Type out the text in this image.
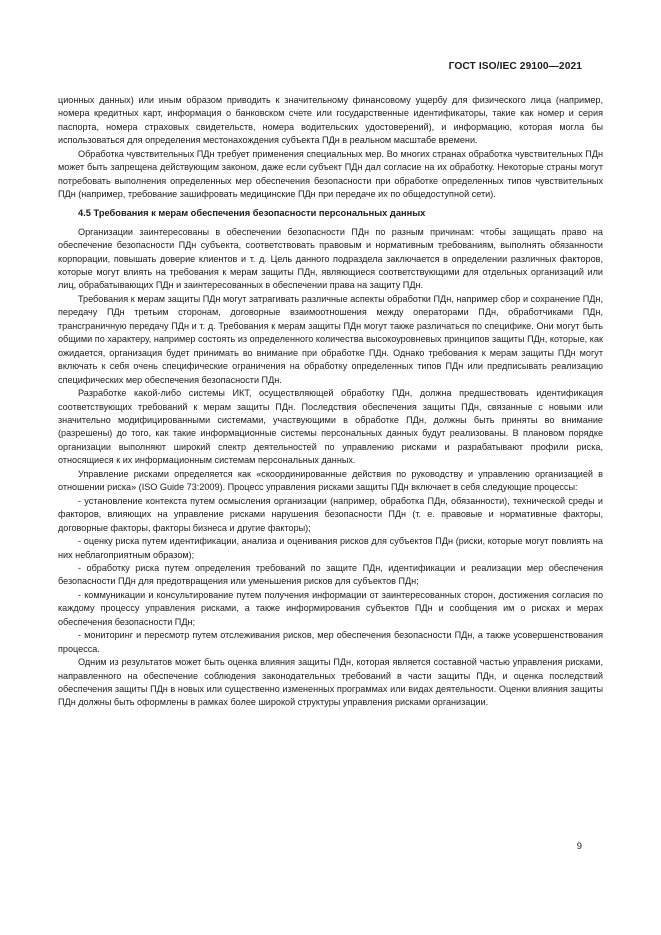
ГОСТ ISO/IEC 29100—2021

ционных данных) или иным образом приводить к значительному финансовому ущербу для физического лица (например, номера кредитных карт, информация о банковском счете или государственные идентификаторы, такие как номер и серия паспорта, номера страховых свидетельств, номера водительских удостоверений), и информацию, которая могла бы использоваться для определения местонахождения субъекта ПДн в реальном масштабе времени.

Обработка чувствительных ПДн требует применения специальных мер. Во многих странах обработка чувствительных ПДн может быть запрещена действующим законом, даже если субъект ПДн дал согласие на их обработку. Некоторые страны могут потребовать выполнения определенных мер обеспечения безопасности при обработке определенных типов чувствительных ПДн (например, требование зашифровать медицинские ПДн при передаче их по общедоступной сети).

4.5 Требования к мерам обеспечения безопасности персональных данных

Организации заинтересованы в обеспечении безопасности ПДн по разным причинам: чтобы защищать право на обеспечение безопасности ПДн субъекта, соответствовать правовым и нормативным требованиям, выполнять обязанности корпорации, повышать доверие клиентов и т. д. Цель данного подраздела заключается в определении различных факторов, которые могут влиять на требования к мерам защиты ПДн, являющиеся соответствующими для отдельных организаций или лиц, обрабатывающих ПДн и заинтересованных в обеспечении права на защиту ПДн.

Требования к мерам защиты ПДн могут затрагивать различные аспекты обработки ПДн, например сбор и сохранение ПДн, передачу ПДн третьим сторонам, договорные взаимоотношения между операторами ПДн, обработчиками ПДн, трансграничную передачу ПДн и т. д. Требования к мерам защиты ПДн могут также различаться по специфике. Они могут быть общими по характеру, например состоять из определенного количества высокоуровневых принципов защиты ПДн, которые, как ожидается, организация будет принимать во внимание при обработке ПДн. Однако требования к мерам защиты ПДн могут включать к себя очень специфические ограничения на обработку определенных типов ПДн или предписывать реализацию специфических мер обеспечения безопасности ПДн.

Разработке какой-либо системы ИКТ, осуществляющей обработку ПДн, должна предшествовать идентификация соответствующих требований к мерам защиты ПДн. Последствия обеспечения защиты ПДн, связанные с новыми или значительно модифицированными системами, участвующими в обработке ПДн, должны быть приняты во внимание (разрешены) до того, как такие информационные системы персональных данных будут реализованы. В плановом порядке организации выполняют широкий спектр деятельностей по управлению рисками и разрабатывают профили риска, относящиеся к их информационным системам персональных данных.

Управление рисками определяется как «скоординированные действия по руководству и управлению организацией в отношении риска» (ISO Guide 73:2009). Процесс управления рисками защиты ПДн включает в себя следующие процессы:

- установление контекста путем осмысления организации (например, обработка ПДн, обязанности), технической среды и факторов, влияющих на управление рисками нарушения безопасности ПДн (т. е. правовые и нормативные факторы, договорные факторы, факторы бизнеса и другие факторы);

- оценку риска путем идентификации, анализа и оценивания рисков для субъектов ПДн (риски, которые могут повлиять на них неблагоприятным образом);

- обработку риска путем определения требований по защите ПДн, идентификации и реализации мер обеспечения безопасности ПДн для предотвращения или уменьшения рисков для субъектов ПДн;

- коммуникации и консультирование путем получения информации от заинтересованных сторон, достижения согласия по каждому процессу управления рисками, а также информирования субъектов ПДн и сообщения им о рисках и мерах обеспечения безопасности ПДн;

- мониторинг и пересмотр путем отслеживания рисков, мер обеспечения безопасности ПДн, а также усовершенствования процесса.

Одним из результатов может быть оценка влияния защиты ПДн, которая является составной частью управления рисками, направленного на обеспечение соблюдения законодательных требований в части защиты ПДн, и оценка последствий обеспечения защиты ПДн в новых или существенно измененных программах или видах деятельности. Оценки влияния защиты ПДн должны быть оформлены в рамках более широкой структуры управления рисками организации.

9
